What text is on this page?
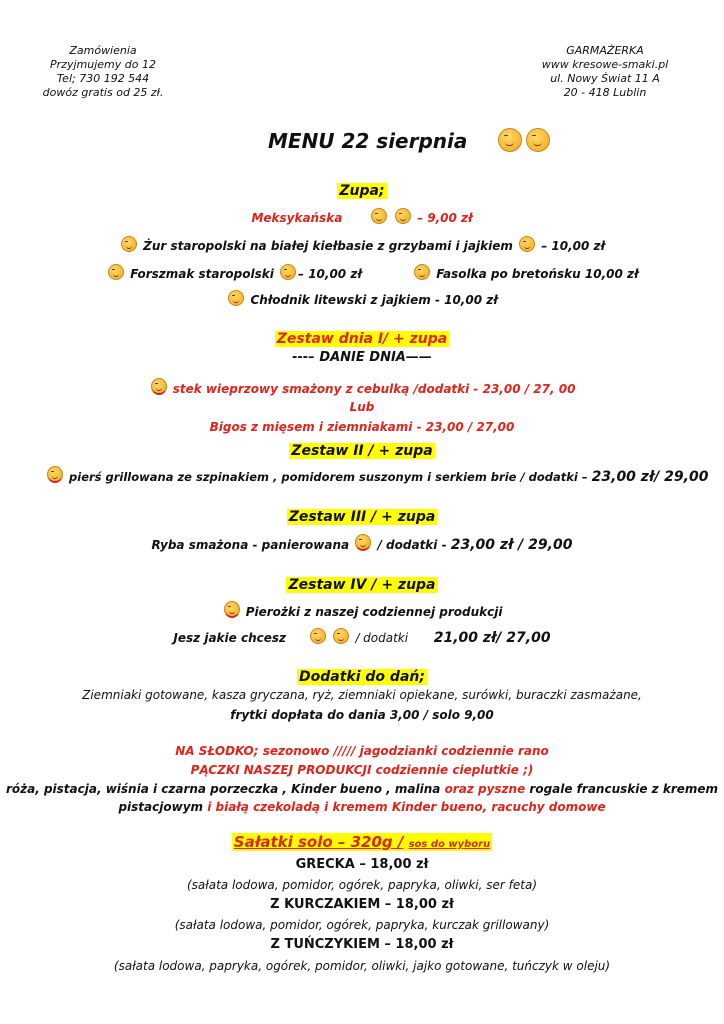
Zamówienia
Przyjmujemy do 12
Tel; 730 192 544
dowóz gratis od 25 zł.
GARMAŻERKA
www kresowe-smaki.pl
ul. Nowy Świat 11 A
20 - 418 Lublin
MENU 22 sierpnia
Zupa;
Meksykańska	– 9,00 zł
Żur staropolski na białej kiełbasie z grzybami i jajkiem – 10,00 zł
Forszmak staropolski – 10,00 zł	Fasolka po bretońsku 10,00 zł
Chłodnik litewski z jajkiem - 10,00 zł
Zestaw dnia I/ + zupa
---– DANIE DNIA——
stek wieprzowy smażony z cebulką /dodatki - 23,00 / 27, 00
Lub
Bigos z mięsem i ziemniakami - 23,00 / 27,00
Zestaw II / + zupa
pierś grillowana ze szpinakiem , pomidorem suszonym i serkiem brie / dodatki – 23,00 zł/ 29,00
Zestaw III / + zupa
Ryba smażona - panierowana / dodatki - 23,00 zł / 29,00
Zestaw IV / + zupa
Pierożki z naszej codziennej produkcji
Jesz jakie chcesz	/ dodatki 21,00 zł/ 27,00
Dodatki do dań;
Ziemniaki gotowane, kasza gryczana, ryż, ziemniaki opiekane, surówki, buraczki zasmażane,
frytki dopłata do dania 3,00 / solo 9,00
NA SŁODKO; sezonowo ///// jagodzianki codziennie rano
PĄCZKI NASZEJ PRODUKCJI codziennie cieplutkie ;)
róża, pistacja, wiśnia i czarna porzeczka , Kinder bueno , malina oraz pyszne rogale francuskie z kremem
pistacjowym i białą czekoladą i kremem Kinder bueno, racuchy domowe
Sałatki solo – 320g / sos do wyboru
GRECKA – 18,00 zł
(sałata lodowa, pomidor, ogórek, papryka, oliwki, ser feta)
Z KURCZAKIEM – 18,00 zł
(sałata lodowa, pomidor, ogórek, papryka, kurczak grillowany)
Z TUŃCZYKIEM – 18,00 zł
(sałata lodowa, papryka, ogórek, pomidor, oliwki, jajko gotowane, tuńczyk w oleju)
